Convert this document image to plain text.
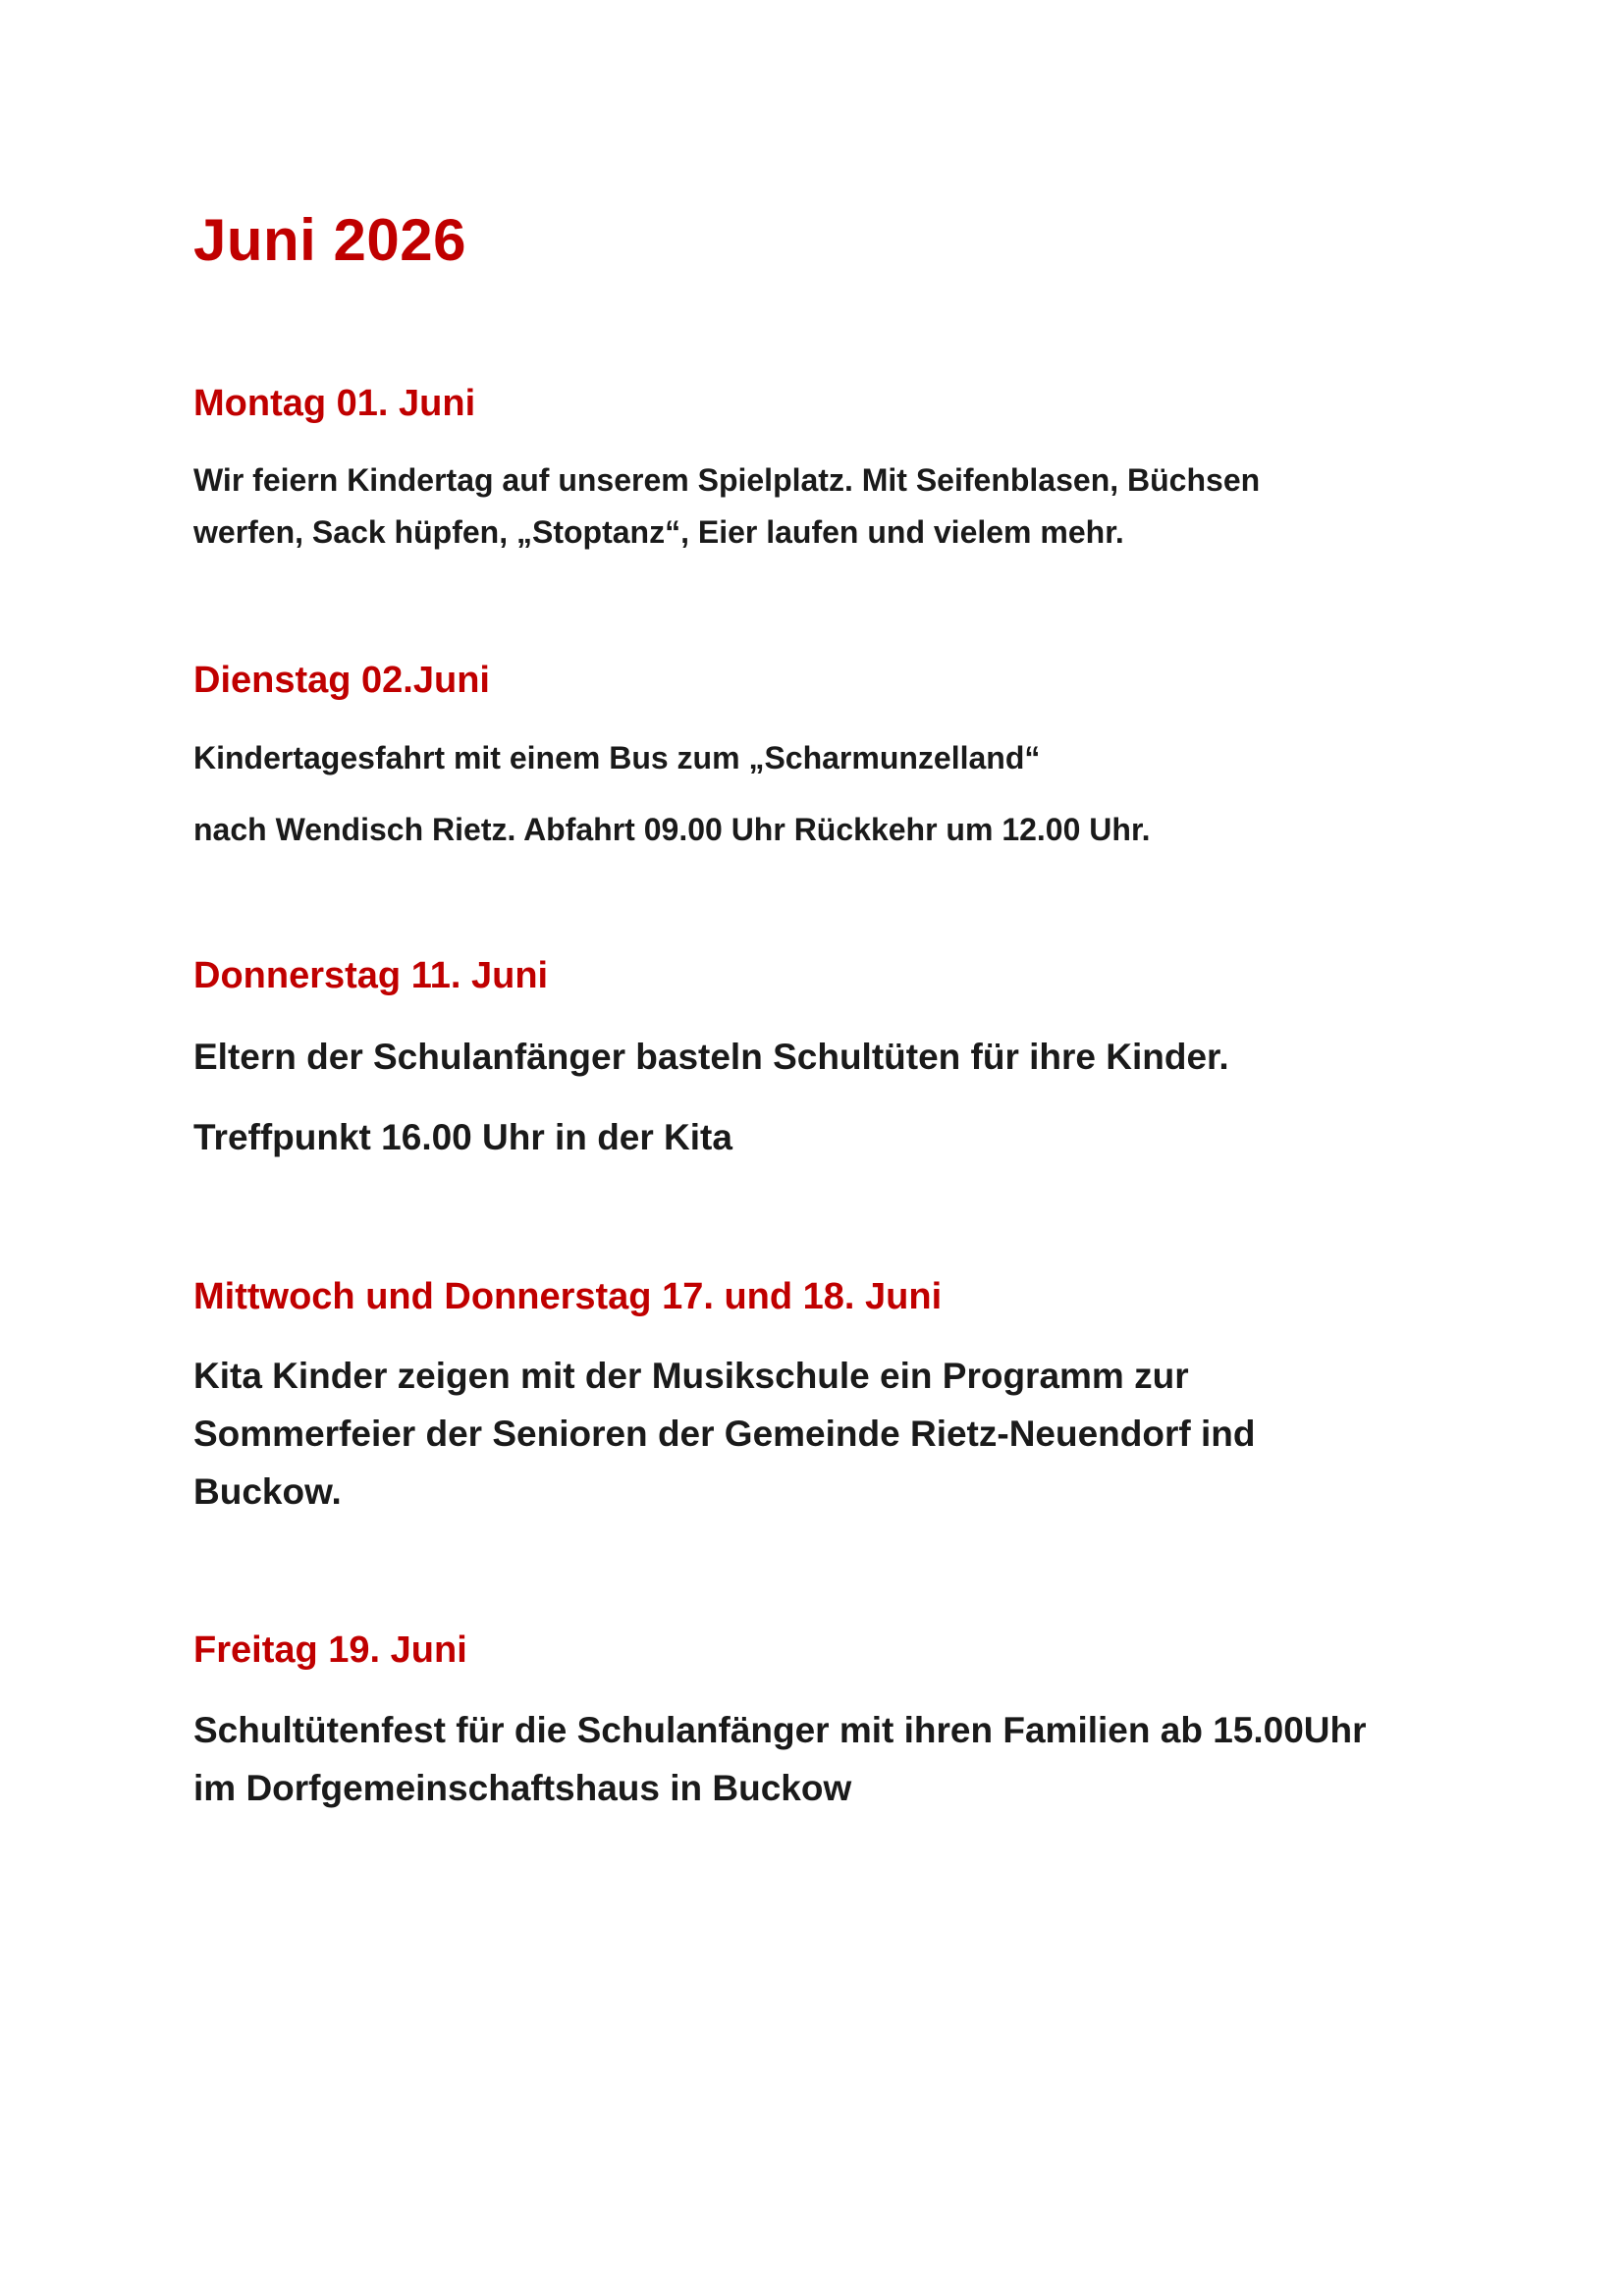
Juni 2026
Montag 01. Juni

Wir feiern Kindertag auf unserem Spielplatz. Mit Seifenblasen, Büchsen

werfen, Sack hüpfen, „Stoptanz“, Eier laufen und vielem mehr.

Dienstag 02.Juni

Kindertagesfahrt mit einem Bus zum „Scharmunzelland“

nach Wendisch Rietz. Abfahrt 09.00 Uhr Rückkehr um 12.00 Uhr.

Donnerstag 11. Juni

Eltern der Schulanfänger basteln Schultüten für ihre Kinder.

Treffpunkt 16.00 Uhr in der Kita

Mittwoch und Donnerstag 17. und 18. Juni

Kita Kinder zeigen mit der Musikschule ein Programm zur

Sommerfeier der Senioren der Gemeinde Rietz-Neuendorf ind

Buckow.

Freitag 19. Juni

Schultütenfest für die Schulanfänger mit ihren Familien ab 15.00Uhr

im Dorfgemeinschaftshaus in Buckow
